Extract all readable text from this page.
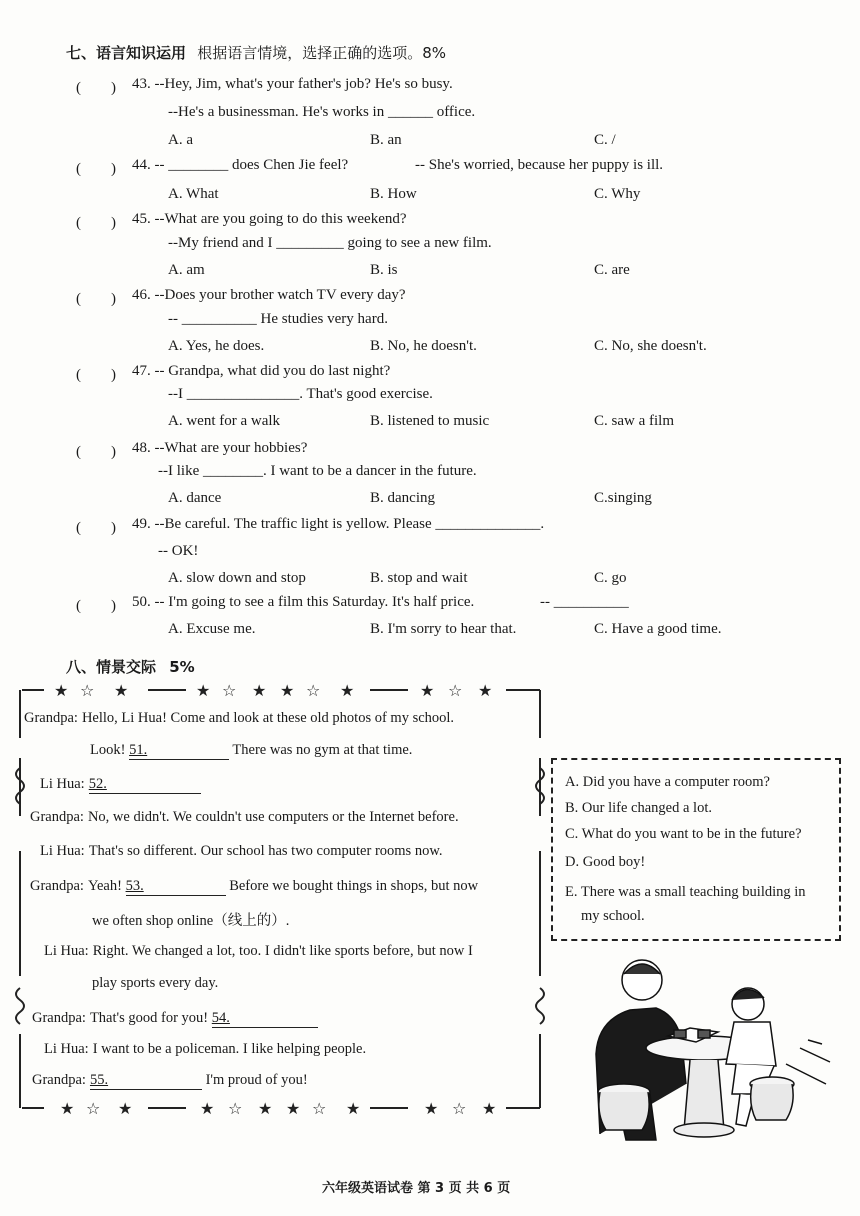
七、语言知识运用 根据语言情境，选择正确的选项。8%
(　　) 43. --Hey, Jim, what's your father's job? He's so busy.
--He's a businessman. He's works in ______ office.
A. a	B. an	C. /
(　　) 44. -- ________ does Chen Jie feel?	-- She's worried, because her puppy is ill.
A. What	B. How	C. Why
(　　) 45. --What are you going to do this weekend?
--My friend and I _________ going to see a new film.
A. am	B. is	C. are
(　　) 46. --Does your brother watch TV every day?
-- __________ He studies very hard.
A. Yes, he does.	B. No, he doesn't.	C. No, she doesn't.
(　　) 47. -- Grandpa, what did you do last night?
--I _______________. That's good exercise.
A. went for a walk	B. listened to music	C. saw a film
(　　) 48. --What are your hobbies?
--I like ________. I want to be a dancer in the future.
A. dance	B. dancing	C.singing
(　　) 49. --Be careful. The traffic light is yellow. Please ______________.
-- OK!
A. slow down and stop	B. stop and wait	C. go
(　　) 50. -- I'm going to see a film this Saturday. It's half price.	-- __________
A. Excuse me.	B. I'm sorry to hear that.	C. Have a good time.
八、情景交际 5%
★ ☆ ★	★ ☆ ★ ★ ☆ ★	★ ☆ ★
★ ☆ ★	★ ☆ ★ ★ ☆ ★	★ ☆ ★
Grandpa: Hello, Li Hua! Come and look at these old photos of my school.
Look! 51.	There was no gym at that time.
Li Hua: 52.
Grandpa: No, we didn't. We couldn't use computers or the Internet before.
Li Hua: That's so different. Our school has two computer rooms now.
Grandpa: Yeah! 53.	Before we bought things in shops, but now
we often shop online（线上的）.
Li Hua: Right. We changed a lot, too. I didn't like sports before, but now I
play sports every day.
Grandpa: That's good for you! 54.
Li Hua: I want to be a policeman. I like helping people.
Grandpa: 55.	I'm proud of you!
A. Did you have a computer room?
B. Our life changed a lot.
C. What do you want to be in the future?
D. Good boy!
E. There was a small teaching building in
my school.
六年级英语试卷 第 3 页 共 6 页
